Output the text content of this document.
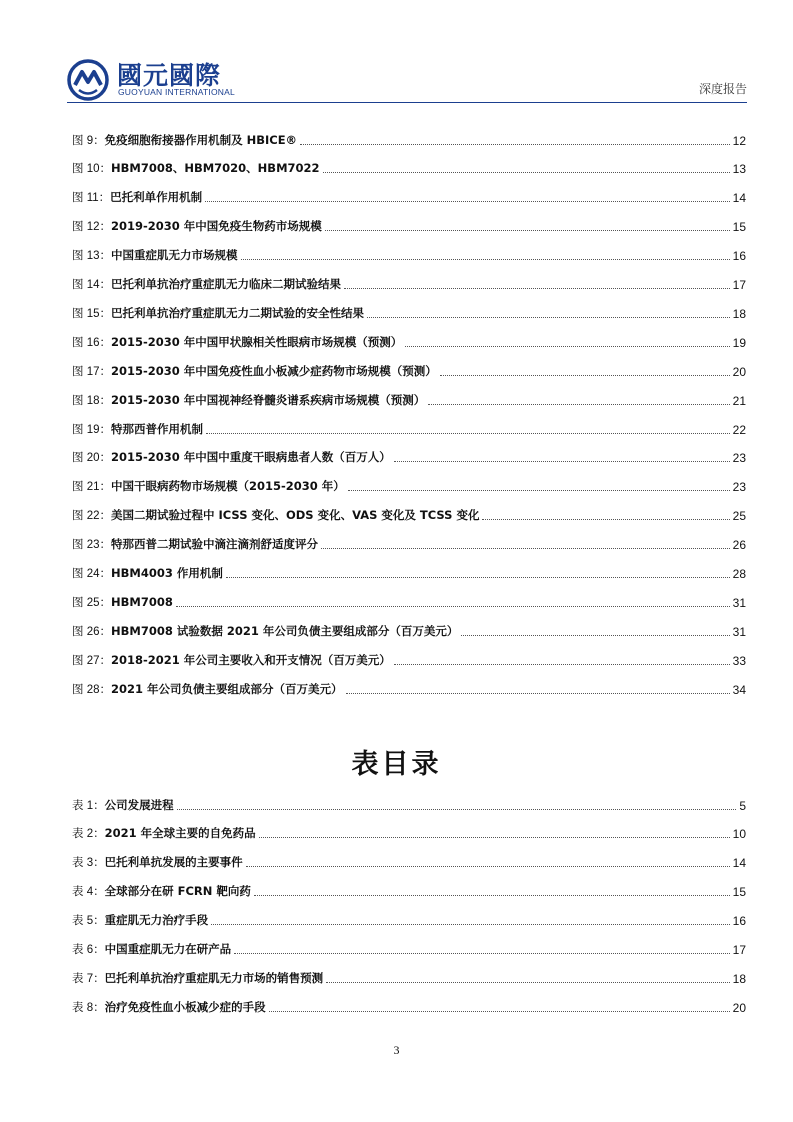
國元國際
GUOYUAN INTERNATIONAL	深度报告
图 9：免疫细胞衔接器作用机制及 HBICE®	12
图 10：HBM7008、HBM7020、HBM7022	13
图 11：巴托利单作用机制	14
图 12：2019-2030 年中国免疫生物药市场规模	15
图 13：中国重症肌无力市场规模	16
图 14：巴托利单抗治疗重症肌无力临床二期试验结果	17
图 15：巴托利单抗治疗重症肌无力二期试验的安全性结果	18
图 16：2015-2030 年中国甲状腺相关性眼病市场规模（预测）	19
图 17：2015-2030 年中国免疫性血小板减少症药物市场规模（预测）	20
图 18：2015-2030 年中国视神经脊髓炎谱系疾病市场规模（预测）	21
图 19：特那西普作用机制	22
图 20：2015-2030 年中国中重度干眼病患者人数（百万人）	23
图 21：中国干眼病药物市场规模（2015-2030 年）	23
图 22：美国二期试验过程中 ICSS 变化、ODS 变化、VAS 变化及 TCSS 变化	25
图 23：特那西普二期试验中滴注滴剂舒适度评分	26
图 24：HBM4003 作用机制	28
图 25：HBM7008	31
图 26：HBM7008 试验数据 2021 年公司负债主要组成部分（百万美元）	31
图 27：2018-2021 年公司主要收入和开支情况（百万美元）	33
图 28：2021 年公司负债主要组成部分（百万美元）	34
表目录
表 1：公司发展进程	5
表 2：2021 年全球主要的自免药品	10
表 3：巴托利单抗发展的主要事件	14
表 4：全球部分在研 FCRN 靶向药	15
表 5：重症肌无力治疗手段	16
表 6：中国重症肌无力在研产品	17
表 7：巴托利单抗治疗重症肌无力市场的销售预测	18
表 8：治疗免疫性血小板减少症的手段	20
3
